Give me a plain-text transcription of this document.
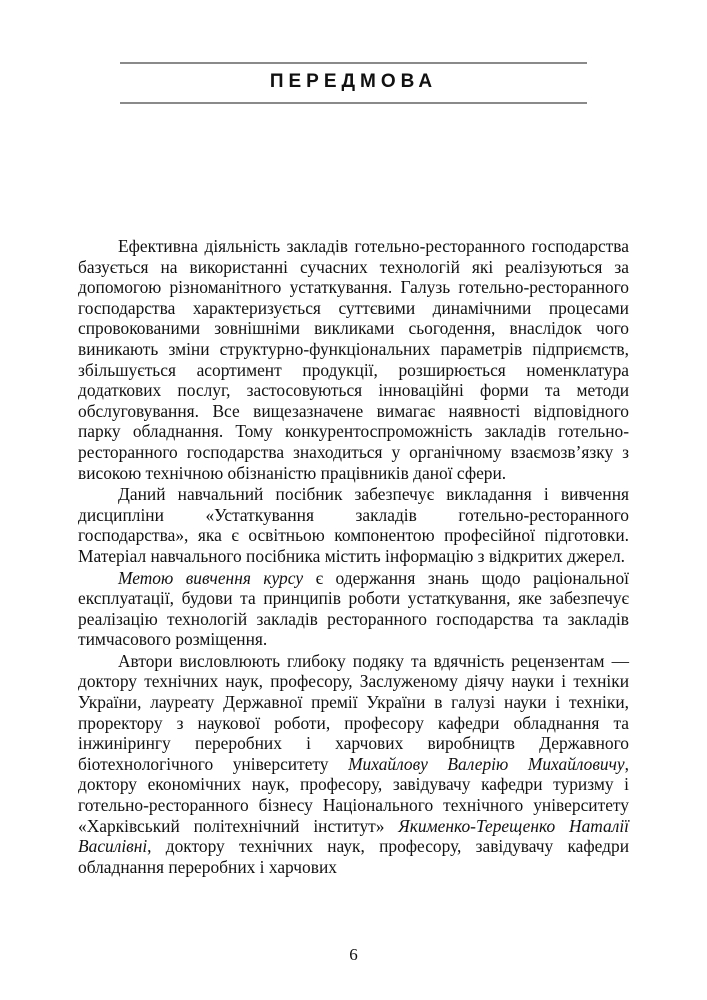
ПЕРЕДМОВА

Ефективна діяльність закладів готельно-ресторанного господарства базується на використанні сучасних технологій які реалізуються за допомогою різноманітного устаткування. Галузь готельно-ресторанного господарства характеризується суттєвими динамічними процесами спровокованими зовнішніми викликами сьогодення, внаслідок чого виникають зміни структурно-функціональних параметрів підприємств, збільшується асортимент продукції, розширюється номенклатура додаткових послуг, застосовуються інноваційні форми та методи обслуговування. Все вищезазначене вимагає наявності відповідного парку обладнання. Тому конкурентоспроможність закладів готельно-ресторанного господарства знаходиться у органічному взаємозв’язку з високою технічною обізнаністю працівників даної сфери.

Даний навчальний посібник забезпечує викладання і вивчення дисципліни «Устаткування закладів готельно-ресторанного господарства», яка є освітньою компонентою професійної підготовки. Матеріал навчального посібника містить інформацію з відкритих джерел.

Метою вивчення курсу є одержання знань щодо раціональної експлуатації, будови та принципів роботи устаткування, яке забезпечує реалізацію технологій закладів ресторанного господарства та закладів тимчасового розміщення.

Автори висловлюють глибоку подяку та вдячність рецензентам — доктору технічних наук, професору, Заслуженому діячу науки і техніки України, лауреату Державної премії України в галузі науки і техніки, проректору з наукової роботи, професору кафедри обладнання та інжинірингу переробних і харчових виробництв Державного біотехнологічного університету Михайлову Валерію Михайловичу, доктору економічних наук, професору, завідувачу кафедри туризму і готельно-ресторанного бізнесу Національного технічного університету «Харківський політехнічний інститут» Якименко-Терещенко Наталії Василівні, доктору технічних наук, професору, завідувачу кафедри обладнання переробних і харчових

6
